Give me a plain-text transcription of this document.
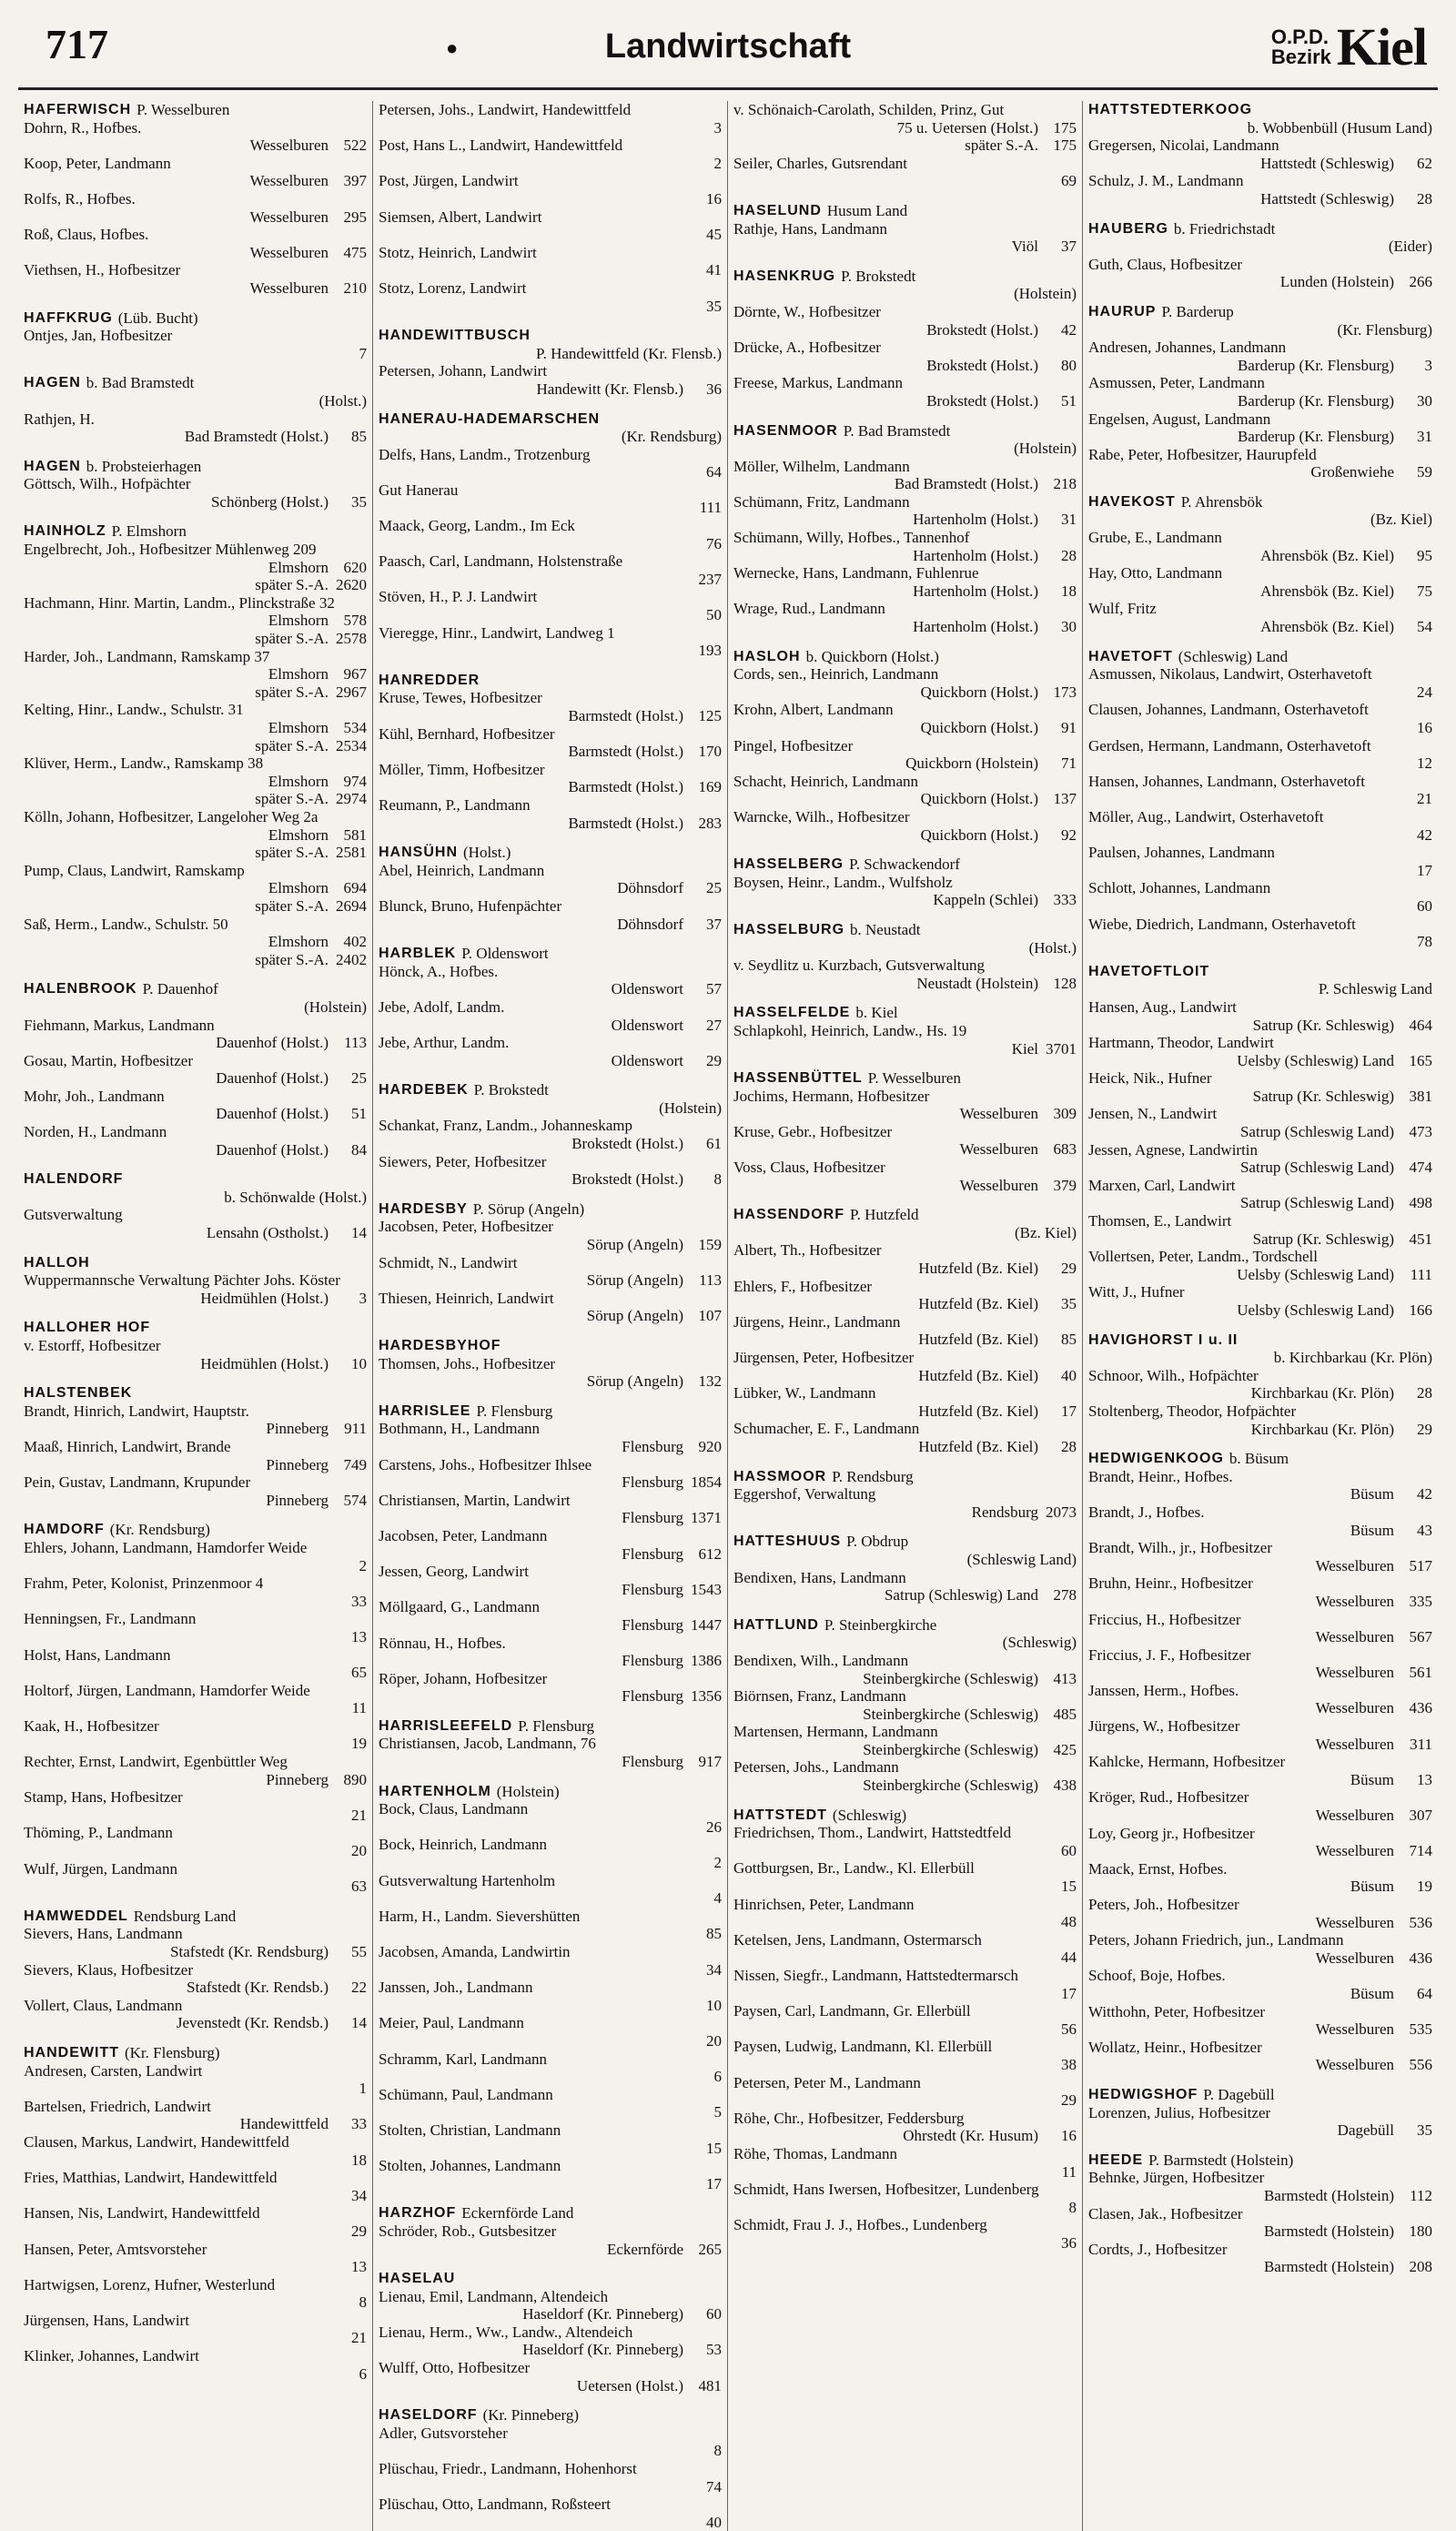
717	●	Landwirtschaft	O.P.D.
Bezirk Kiel
HAFERWISCH P. Wesselburen
Dohrn, R., Hofbes.
Wesselburen 522
Koop, Peter, Landmann
Wesselburen 397
Rolfs, R., Hofbes.
Wesselburen 295
Roß, Claus, Hofbes.
Wesselburen 475
Viethsen, H., Hofbesitzer
Wesselburen 210
HAFFKRUG (Lüb. Bucht)
Ontjes, Jan, Hofbesitzer
7
HAGEN b. Bad Bramstedt
(Holst.)
Rathjen, H.
Bad Bramstedt (Holst.)	85
HAGEN b. Probsteierhagen
Göttsch, Wilh., Hofpächter
Schönberg (Holst.)	35
HAINHOLZ P. Elmshorn
Engelbrecht, Joh., Hofbesitzer Mühlenweg 209
Elmshorn 620
später S.-A. 2620
Hachmann, Hinr. Martin, Landm., Plinckstraße 32
Elmshorn 578
später S.-A. 2578
Harder, Joh., Landmann, Ramskamp 37
Elmshorn 967
später S.-A. 2967
Kelting, Hinr., Landw., Schulstr. 31
Elmshorn 534
später S.-A. 2534
Klüver, Herm., Landw., Ramskamp 38
Elmshorn 974
später S.-A. 2974
Kölln, Johann, Hofbesitzer, Langeloher Weg 2a
Elmshorn 581
später S.-A. 2581
Pump, Claus, Landwirt, Ramskamp
Elmshorn 694
später S.-A. 2694
Saß, Herm., Landw., Schulstr. 50
Elmshorn 402
später S.-A. 2402
HALENBROOK P. Dauenhof
(Holstein)
Fiehmann, Markus, Landmann
Dauenhof (Holst.)	113
Gosau, Martin, Hofbesitzer
Dauenhof (Holst.)	25
Mohr, Joh., Landmann
Dauenhof (Holst.)	51
Norden, H., Landmann
Dauenhof (Holst.)	84
HALENDORF
b. Schönwalde (Holst.)
Gutsverwaltung
Lensahn (Ostholst.)	14
HALLOH
Wuppermannsche Verwaltung Pächter Johs. Köster
Heidmühlen (Holst.)	3
HALLOHER HOF
v. Estorff, Hofbesitzer
Heidmühlen (Holst.)	10
HALSTENBEK
Brandt, Hinrich, Landwirt, Hauptstr.
Pinneberg	911
Maaß, Hinrich, Landwirt, Brande
Pinneberg 749
Pein, Gustav, Landmann, Krupunder
Pinneberg 574
HAMDORF (Kr. Rendsburg)
Ehlers, Johann, Landmann, Hamdorfer Weide
2
Frahm, Peter, Kolonist, Prinzenmoor 4
33
Henningsen, Fr., Landmann
13
Holst, Hans, Landmann
65
Holtorf, Jürgen, Landmann, Hamdorfer Weide
11
Kaak, H., Hofbesitzer
19
Rechter, Ernst, Landwirt, Egenbüttler Weg
Pinneberg 890
Stamp, Hans, Hofbesitzer
21
Thöming, P., Landmann
20
Wulf, Jürgen, Landmann
63
HAMWEDDEL Rendsburg Land
Sievers, Hans, Landmann
Stafstedt (Kr. Rendsburg)	55
Sievers, Klaus, Hofbesitzer
Stafstedt (Kr. Rendsb.)	22
Vollert, Claus, Landmann
Jevenstedt (Kr. Rendsb.)	14
HANDEWITT (Kr. Flensburg)
Andresen, Carsten, Landwirt
1
Bartelsen, Friedrich, Landwirt
Handewittfeld	33
Clausen, Markus, Landwirt, Handewittfeld
18
Fries, Matthias, Landwirt, Handewittfeld
34
Hansen, Nis, Landwirt, Handewittfeld
29
Hansen, Peter, Amtsvorsteher
13
Hartwigsen, Lorenz, Hufner, Westerlund
8
Jürgensen, Hans, Landwirt
21
Klinker, Johannes, Landwirt
6
Petersen, Johs., Landwirt, Handewittfeld
3
Post, Hans L., Landwirt, Handewittfeld
2
Post, Jürgen, Landwirt
16
Siemsen, Albert, Landwirt
45
Stotz, Heinrich, Landwirt
41
Stotz, Lorenz, Landwirt
35
HANDEWITTBUSCH
P. Handewittfeld (Kr. Flensb.)
Petersen, Johann, Landwirt
Handewitt (Kr. Flensb.)	36
HANERAU-HADEMARSCHEN
(Kr. Rendsburg)
Delfs, Hans, Landm., Trotzenburg
64
Gut Hanerau
111
Maack, Georg, Landm., Im Eck
76
Paasch, Carl, Landmann, Holstenstraße
237
Stöven, H., P. J. Landwirt
50
Vieregge, Hinr., Landwirt, Landweg 1
193
HANREDDER
Kruse, Tewes, Hofbesitzer
Barmstedt (Holst.) 125
Kühl, Bernhard, Hofbesitzer
Barmstedt (Holst.) 170
Möller, Timm, Hofbesitzer
Barmstedt (Holst.) 169
Reumann, P., Landmann
Barmstedt (Holst.) 283
HANSÜHN (Holst.)
Abel, Heinrich, Landmann
Döhnsdorf	25
Blunck, Bruno, Hufenpächter
Döhnsdorf	37
HARBLEK P. Oldenswort
Hönck, A., Hofbes.
Oldenswort	57
Jebe, Adolf, Landm.
Oldenswort	27
Jebe, Arthur, Landm.
Oldenswort	29
HARDEBEK P. Brokstedt
(Holstein)
Schankat, Franz, Landm., Johanneskamp
Brokstedt (Holst.)	61
Siewers, Peter, Hofbesitzer
Brokstedt (Holst.)	8
HARDESBY P. Sörup (Angeln)
Jacobsen, Peter, Hofbesitzer
Sörup (Angeln) 159
Schmidt, N., Landwirt
Sörup (Angeln)	113
Thiesen, Heinrich, Landwirt
Sörup (Angeln) 107
HARDESBYHOF
Thomsen, Johs., Hofbesitzer
Sörup (Angeln) 132
HARRISLEE P. Flensburg
Bothmann, H., Landmann
Flensburg 920
Carstens, Johs., Hofbesitzer Ihlsee
Flensburg 1854
Christiansen, Martin, Landwirt
Flensburg 1371
Jacobsen, Peter, Landmann
Flensburg 612
Jessen, Georg, Landwirt
Flensburg 1543
Möllgaard, G., Landmann
Flensburg 1447
Rönnau, H., Hofbes.
Flensburg 1386
Röper, Johann, Hofbesitzer
Flensburg 1356
HARRISLEEFELD P. Flensburg
Christiansen, Jacob, Landmann, 76
Flensburg 917
HARTENHOLM (Holstein)
Bock, Claus, Landmann
26
Bock, Heinrich, Landmann
2
Gutsverwaltung Hartenholm
4
Harm, H., Landm. Sievershütten
85
Jacobsen, Amanda, Landwirtin
34
Janssen, Joh., Landmann
10
Meier, Paul, Landmann
20
Schramm, Karl, Landmann
6
Schümann, Paul, Landmann
5
Stolten, Christian, Landmann
15
Stolten, Johannes, Landmann
17
HARZHOF Eckernförde Land
Schröder, Rob., Gutsbesitzer
Eckernförde 265
HASELAU
Lienau, Emil, Landmann, Altendeich
Haseldorf (Kr. Pinneberg)	60
Lienau, Herm., Ww., Landw., Altendeich
Haseldorf (Kr. Pinneberg)	53
Wulff, Otto, Hofbesitzer
Uetersen (Holst.) 481
HASELDORF (Kr. Pinneberg)
Adler, Gutsvorsteher
8
Plüschau, Friedr., Landmann, Hohenhorst
74
Plüschau, Otto, Landmann, Roßsteert
40
v. Schönaich-Carolath, Schilden, Prinz, Gut
75 u. Uetersen (Holst.) 175
später S.-A. 175
Seiler, Charles, Gutsrendant
69
HASELUND Husum Land
Rathje, Hans, Landmann
Viöl	37
HASENKRUG P. Brokstedt
(Holstein)
Dörnte, W., Hofbesitzer
Brokstedt (Holst.)	42
Drücke, A., Hofbesitzer
Brokstedt (Holst.)	80
Freese, Markus, Landmann
Brokstedt (Holst.)	51
HASENMOOR P. Bad Bramstedt
(Holstein)
Möller, Wilhelm, Landmann
Bad Bramstedt (Holst.) 218
Schümann, Fritz, Landmann
Hartenholm (Holst.)	31
Schümann, Willy, Hofbes., Tannenhof
Hartenholm (Holst.)	28
Wernecke, Hans, Landmann, Fuhlenrue
Hartenholm (Holst.)	18
Wrage, Rud., Landmann
Hartenholm (Holst.)	30
HASLOH b. Quickborn (Holst.)
Cords, sen., Heinrich, Landmann
Quickborn (Holst.) 173
Krohn, Albert, Landmann
Quickborn (Holst.)	91
Pingel, Hofbesitzer
Quickborn (Holstein)	71
Schacht, Heinrich, Landmann
Quickborn (Holst.) 137
Warncke, Wilh., Hofbesitzer
Quickborn (Holst.)	92
HASSELBERG P. Schwackendorf
Boysen, Heinr., Landm., Wulfsholz
Kappeln (Schlei) 333
HASSELBURG b. Neustadt
(Holst.)
v. Seydlitz u. Kurzbach, Gutsverwaltung
Neustadt (Holstein) 128
HASSELFELDE b. Kiel
Schlapkohl, Heinrich, Landw., Hs. 19
Kiel 3701
HASSENBÜTTEL P. Wesselburen
Jochims, Hermann, Hofbesitzer
Wesselburen 309
Kruse, Gebr., Hofbesitzer
Wesselburen 683
Voss, Claus, Hofbesitzer
Wesselburen 379
HASSENDORF P. Hutzfeld
(Bz. Kiel)
Albert, Th., Hofbesitzer
Hutzfeld (Bz. Kiel)	29
Ehlers, F., Hofbesitzer
Hutzfeld (Bz. Kiel)	35
Jürgens, Heinr., Landmann
Hutzfeld (Bz. Kiel)	85
Jürgensen, Peter, Hofbesitzer
Hutzfeld (Bz. Kiel)	40
Lübker, W., Landmann
Hutzfeld (Bz. Kiel)	17
Schumacher, E. F., Landmann
Hutzfeld (Bz. Kiel)	28
HASSMOOR P. Rendsburg
Eggershof, Verwaltung
Rendsburg 2073
HATTESHUUS P. Obdrup
(Schleswig Land)
Bendixen, Hans, Landmann
Satrup (Schleswig) Land 278
HATTLUND P. Steinbergkirche
(Schleswig)
Bendixen, Wilh., Landmann
Steinbergkirche (Schleswig) 413
Biörnsen, Franz, Landmann
Steinbergkirche (Schleswig) 485
Martensen, Hermann, Landmann
Steinbergkirche (Schleswig) 425
Petersen, Johs., Landmann
Steinbergkirche (Schleswig) 438
HATTSTEDT (Schleswig)
Friedrichsen, Thom., Landwirt, Hattstedtfeld
60
Gottburgsen, Br., Landw., Kl. Ellerbüll
15
Hinrichsen, Peter, Landmann
48
Ketelsen, Jens, Landmann, Ostermarsch
44
Nissen, Siegfr., Landmann, Hattstedtermarsch
17
Paysen, Carl, Landmann, Gr. Ellerbüll
56
Paysen, Ludwig, Landmann, Kl. Ellerbüll
38
Petersen, Peter M., Landmann
29
Röhe, Chr., Hofbesitzer, Feddersburg
Ohrstedt (Kr. Husum)	16
Röhe, Thomas, Landmann
11
Schmidt, Hans Iwersen, Hofbesitzer, Lundenberg
8
Schmidt, Frau J. J., Hofbes., Lundenberg
36
HATTSTEDTERKOOG
b. Wobbenbüll (Husum Land)
Gregersen, Nicolai, Landmann
Hattstedt (Schleswig)	62
Schulz, J. M., Landmann
Hattstedt (Schleswig)	28
HAUBERG b. Friedrichstadt
(Eider)
Guth, Claus, Hofbesitzer
Lunden (Holstein) 266
HAURUP P. Barderup
(Kr. Flensburg)
Andresen, Johannes, Landmann
Barderup (Kr. Flensburg)	3
Asmussen, Peter, Landmann
Barderup (Kr. Flensburg)	30
Engelsen, August, Landmann
Barderup (Kr. Flensburg)	31
Rabe, Peter, Hofbesitzer, Haurupfeld
Großenwiehe	59
HAVEKOST P. Ahrensbök
(Bz. Kiel)
Grube, E., Landmann
Ahrensbök (Bz. Kiel)	95
Hay, Otto, Landmann
Ahrensbök (Bz. Kiel)	75
Wulf, Fritz
Ahrensbök (Bz. Kiel)	54
HAVETOFT (Schleswig) Land
Asmussen, Nikolaus, Landwirt, Osterhavetoft
24
Clausen, Johannes, Landmann, Osterhavetoft
16
Gerdsen, Hermann, Landmann, Osterhavetoft
12
Hansen, Johannes, Landmann, Osterhavetoft
21
Möller, Aug., Landwirt, Osterhavetoft
42
Paulsen, Johannes, Landmann
17
Schlott, Johannes, Landmann
60
Wiebe, Diedrich, Landmann, Osterhavetoft
78
HAVETOFTLOIT
P. Schleswig Land
Hansen, Aug., Landwirt
Satrup (Kr. Schleswig) 464
Hartmann, Theodor, Landwirt
Uelsby (Schleswig) Land 165
Heick, Nik., Hufner
Satrup (Kr. Schleswig) 381
Jensen, N., Landwirt
Satrup (Schleswig Land) 473
Jessen, Agnese, Landwirtin
Satrup (Schleswig Land) 474
Marxen, Carl, Landwirt
Satrup (Schleswig Land) 498
Thomsen, E., Landwirt
Satrup (Kr. Schleswig) 451
Vollertsen, Peter, Landm., Tordschell
Uelsby (Schleswig Land)	111
Witt, J., Hufner
Uelsby (Schleswig Land) 166
HAVIGHORST I u. II
b. Kirchbarkau (Kr. Plön)
Schnoor, Wilh., Hofpächter
Kirchbarkau (Kr. Plön)	28
Stoltenberg, Theodor, Hofpächter
Kirchbarkau (Kr. Plön)	29
HEDWIGENKOOG b. Büsum
Brandt, Heinr., Hofbes.
Büsum	42
Brandt, J., Hofbes.
Büsum	43
Brandt, Wilh., jr., Hofbesitzer
Wesselburen 517
Bruhn, Heinr., Hofbesitzer
Wesselburen 335
Friccius, H., Hofbesitzer
Wesselburen 567
Friccius, J. F., Hofbesitzer
Wesselburen 561
Janssen, Herm., Hofbes.
Wesselburen 436
Jürgens, W., Hofbesitzer
Wesselburen	311
Kahlcke, Hermann, Hofbesitzer
Büsum	13
Kröger, Rud., Hofbesitzer
Wesselburen 307
Loy, Georg jr., Hofbesitzer
Wesselburen 714
Maack, Ernst, Hofbes.
Büsum	19
Peters, Joh., Hofbesitzer
Wesselburen 536
Peters, Johann Friedrich, jun., Landmann
Wesselburen 436
Schoof, Boje, Hofbes.
Büsum	64
Witthohn, Peter, Hofbesitzer
Wesselburen 535
Wollatz, Heinr., Hofbesitzer
Wesselburen 556
HEDWIGSHOF P. Dagebüll
Lorenzen, Julius, Hofbesitzer
Dagebüll	35
HEEDE P. Barmstedt (Holstein)
Behnke, Jürgen, Hofbesitzer
Barmstedt (Holstein)	112
Clasen, Jak., Hofbesitzer
Barmstedt (Holstein) 180
Cordts, J., Hofbesitzer
Barmstedt (Holstein) 208
